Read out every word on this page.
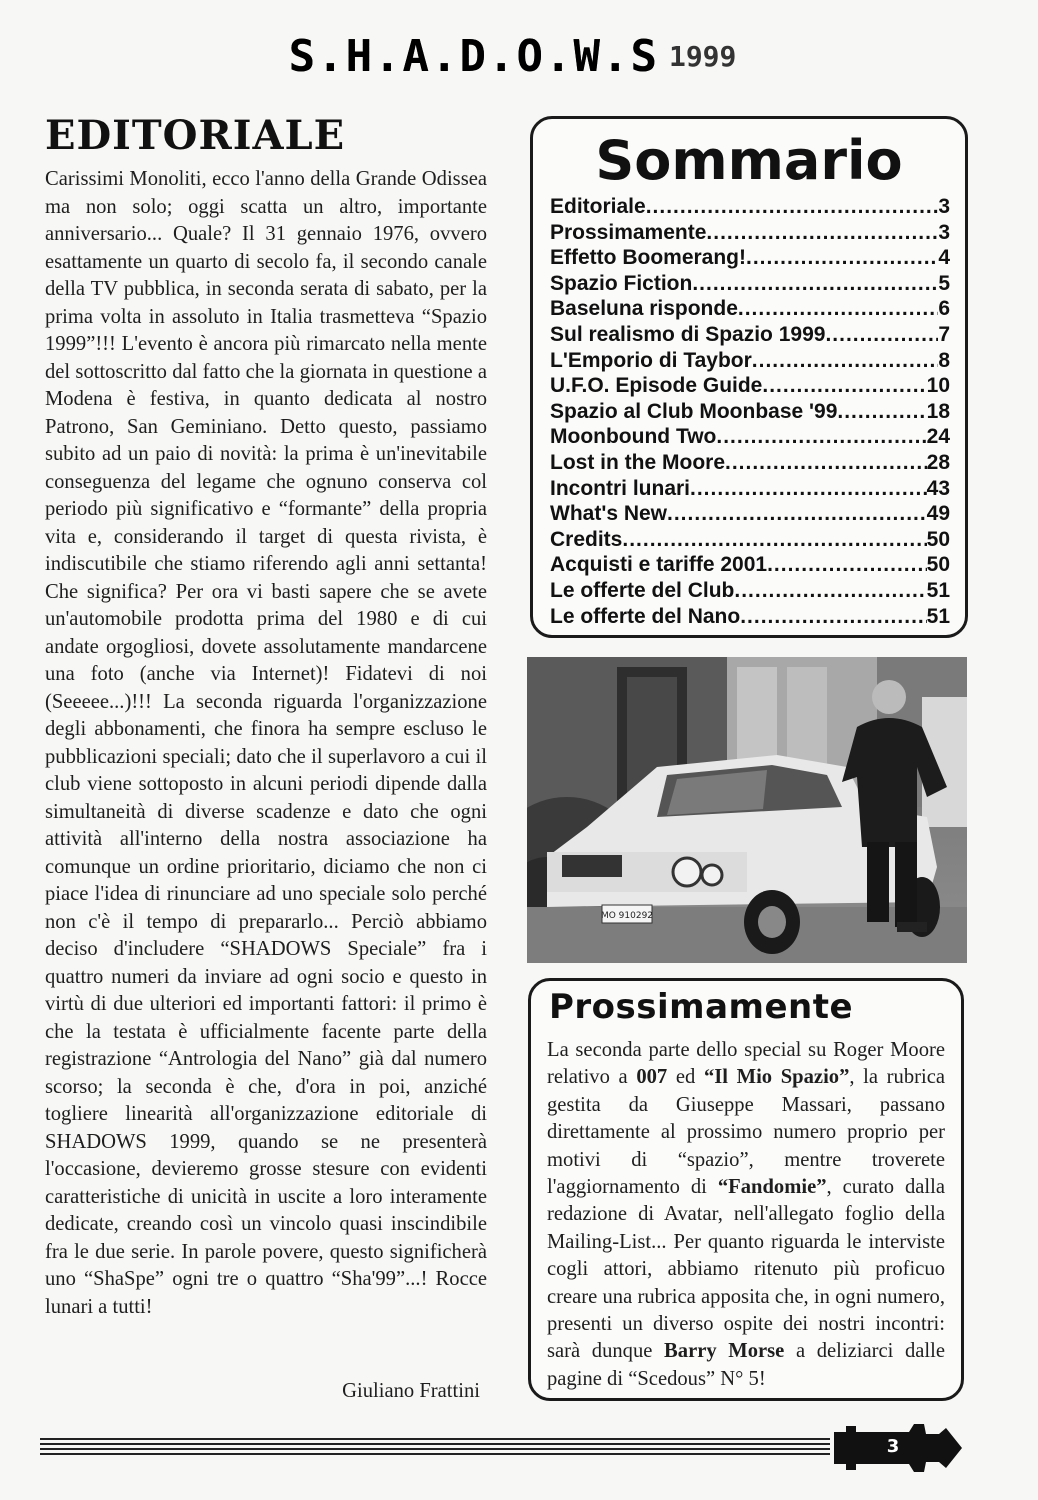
S.H.A.D.O.W.S 1999
EDITORIALE
Carissimi Monoliti, ecco l'anno della Grande Odissea ma non solo; oggi scatta un altro, importante anniversario... Quale? Il 31 gennaio 1976, ovvero esattamente un quarto di secolo fa, il secondo canale della TV pubblica, in seconda serata di sabato, per la prima volta in assoluto in Italia trasmetteva “Spazio 1999”!!! L'evento è ancora più rimarcato nella mente del sottoscritto dal fatto che la giornata in questione a Modena è festiva, in quanto dedicata al nostro Patrono, San Geminiano. Detto questo, passiamo subito ad un paio di novità: la prima è un'inevitabile conseguenza del legame che ognuno conserva col periodo più significativo e “formante” della propria vita e, considerando il target di questa rivista, è indiscutibile che stiamo riferendo agli anni settanta! Che significa? Per ora vi basti sapere che se avete un'automobile prodotta prima del 1980 e di cui andate orgogliosi, dovete assolutamente mandarcene una foto (anche via Internet)! Fidatevi di noi (Seeeee...)!!! La seconda riguarda l'organizzazione degli abbonamenti, che finora ha sempre escluso le pubblicazioni speciali; dato che il superlavoro a cui il club viene sottoposto in alcuni periodi dipende dalla simultaneità di diverse scadenze e dato che ogni attività all'interno della nostra associazione ha comunque un ordine prioritario, diciamo che non ci piace l'idea di rinunciare ad uno speciale solo perché non c'è il tempo di prepararlo... Perciò abbiamo deciso d'includere “SHADOWS Speciale” fra i quattro numeri da inviare ad ogni socio e questo in virtù di due ulteriori ed importanti fattori: il primo è che la testata è ufficialmente facente parte della registrazione “Antrologia del Nano” già dal numero scorso; la seconda è che, d'ora in poi, anziché togliere linearità all'organizzazione editoriale di SHADOWS 1999, quando se ne presenterà l'occasione, devieremo grosse stesure con evidenti caratteristiche di unicità in uscite a loro interamente dedicate, creando così un vincolo quasi inscindibile fra le due serie. In parole povere, questo significherà uno “ShaSpe” ogni tre o quattro “Sha'99”...! Rocce lunari a tutti!
Giuliano Frattini
Sommario
Editoriale .....	3
Prossimamente .....	3
Effetto Boomerang! .....	4
Spazio Fiction .....	5
Baseluna risponde .....	6
Sul realismo di Spazio 1999 .....	7
L'Emporio di Taybor .....	8
U.F.O. Episode Guide .....	10
Spazio al Club Moonbase '99 .....	18
Moonbound Two .....	24
Lost in the Moore .....	28
Incontri lunari .....	43
What's New .....	49
Credits .....	50
Acquisti e tariffe 2001 .....	50
Le offerte del Club .....	51
Le offerte del Nano .....	51
MO 910292
Prossimamente
La seconda parte dello special su Roger Moore relativo a 007 ed “Il Mio Spazio”, la rubrica gestita da Giuseppe Massari, passano direttamente al prossimo numero proprio per motivi di “spazio”, mentre troverete l'aggiornamento di “Fandomie”, curato dalla redazione di Avatar, nell'allegato foglio della Mailing-List... Per quanto riguarda le interviste cogli attori, abbiamo ritenuto più proficuo creare una rubrica apposita che, in ogni numero, presenti un diverso ospite dei nostri incontri: sarà dunque Barry Morse a deliziarci dalle pagine di “Scedous” N° 5!
3
